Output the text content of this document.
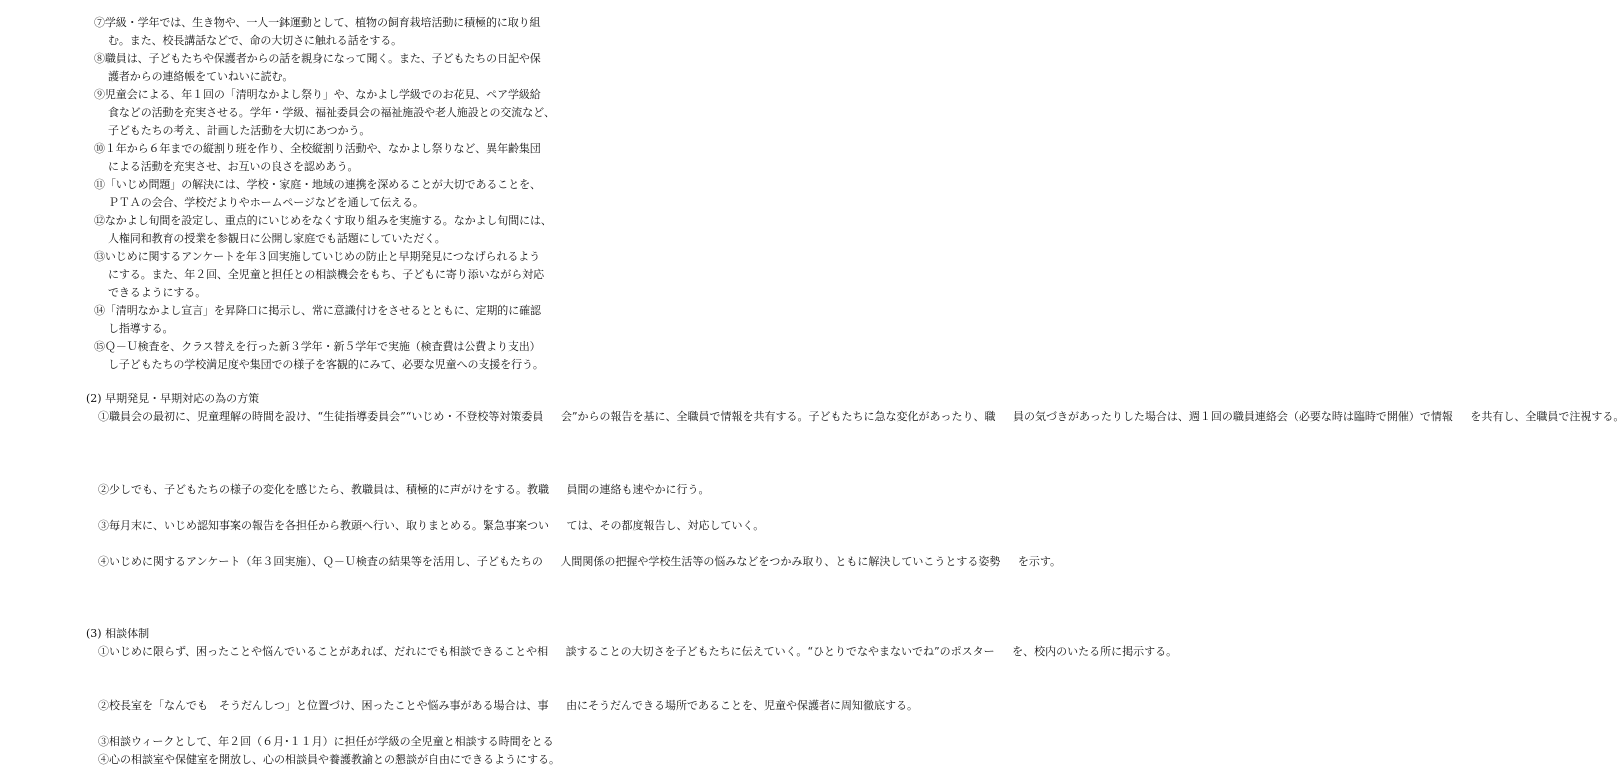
⑦学級・学年では、生き物や、一人一鉢運動として、植物の飼育栽培活動に積極的に取り組
む。また、校長講話などで、命の大切さに触れる話をする。
⑧職員は、子どもたちや保護者からの話を親身になって聞く。また、子どもたちの日記や保
護者からの連絡帳をていねいに読む。
⑨児童会による、年１回の「清明なかよし祭り」や、なかよし学級でのお花見、ペア学級給
食などの活動を充実させる。学年・学級、福祉委員会の福祉施設や老人施設との交流など、
子どもたちの考え、計画した活動を大切にあつかう。
⑩１年から６年までの縦割り班を作り、全校縦割り活動や、なかよし祭りなど、異年齢集団
による活動を充実させ、お互いの良さを認めあう。
⑪「いじめ問題」の解決には、学校・家庭・地域の連携を深めることが大切であることを、
ＰＴＡの会合、学校だよりやホームページなどを通して伝える。
⑫なかよし旬間を設定し、重点的にいじめをなくす取り組みを実施する。なかよし旬間には、
人権同和教育の授業を参観日に公開し家庭でも話題にしていただく。
⑬いじめに関するアンケートを年３回実施していじめの防止と早期発見につなげられるよう
にする。また、年２回、全児童と担任との相談機会をもち、子どもに寄り添いながら対応
できるようにする。
⑭「清明なかよし宣言」を昇降口に掲示し、常に意識付けをさせるとともに、定期的に確認
し指導する。
⑮Ｑ－Ｕ検査を、クラス替えを行った新３学年・新５学年で実施（検査費は公費より支出）
し子どもたちの学校満足度や集団での様子を客観的にみて、必要な児童への支援を行う。
(2) 早期発見・早期対応の為の方策
①職員会の最初に、児童理解の時間を設け、“生徒指導委員会”“いじめ・不登校等対策委員 会”からの報告を基に、全職員で情報を共有する。子どもたちに急な変化があったり、職 員の気づきがあったりした場合は、週１回の職員連絡会（必要な時は臨時で開催）で情報 を共有し、全職員で注視する。
②少しでも、子どもたちの様子の変化を感じたら、教職員は、積極的に声がけをする。教職 員間の連絡も速やかに行う。
③毎月末に、いじめ認知事案の報告を各担任から教頭へ行い、取りまとめる。緊急事案つい ては、その都度報告し、対応していく。
④いじめに関するアンケート（年３回実施）、Ｑ－Ｕ検査の結果等を活用し、子どもたちの 人間関係の把握や学校生活等の悩みなどをつかみ取り、ともに解決していこうとする姿勢 を示す。
(3) 相談体制
①いじめに限らず、困ったことや悩んでいることがあれば、だれにでも相談できることや相 談することの大切さを子どもたちに伝えていく。“ひとりでなやまないでね”のポスター を、校内のいたる所に掲示する。
②校長室を「なんでも　そうだんしつ」と位置づけ、困ったことや悩み事がある場合は、事 由にそうだんできる場所であることを、児童や保護者に周知徹底する。
③相談ウィークとして、年２回（６月･１１月）に担任が学級の全児童と相談する時間をとる
④心の相談室や保健室を開放し、心の相談員や養護教諭との懇談が自由にできるようにする。
